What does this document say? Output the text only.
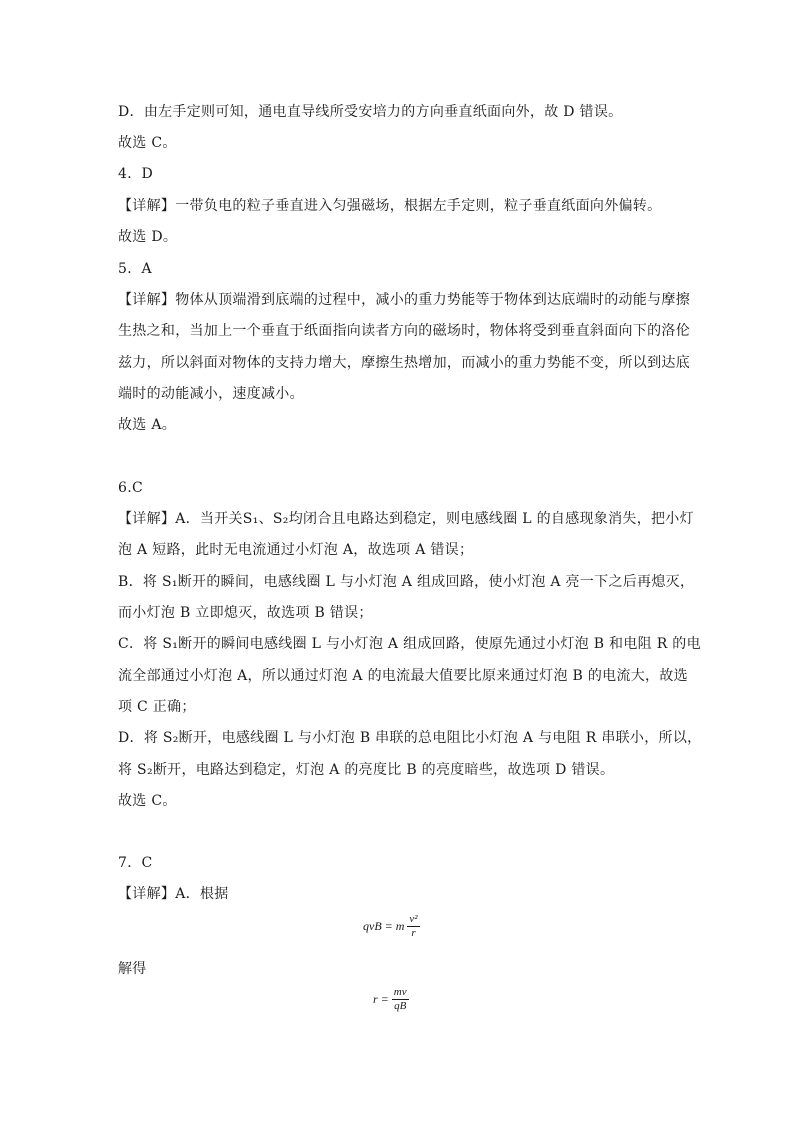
D．由左手定则可知，通电直导线所受安培力的方向垂直纸面向外，故 D 错误。
故选 C。
4．D
【详解】一带负电的粒子垂直进入匀强磁场，根据左手定则，粒子垂直纸面向外偏转。
故选 D。
5．A
【详解】物体从顶端滑到底端的过程中，减小的重力势能等于物体到达底端时的动能与摩擦
生热之和，当加上一个垂直于纸面指向读者方向的磁场时，物体将受到垂直斜面向下的洛伦
兹力，所以斜面对物体的支持力增大，摩擦生热增加，而减小的重力势能不变，所以到达底
端时的动能减小，速度减小。
故选 A。
6.C
【详解】A．当开关S₁、S₂均闭合且电路达到稳定，则电感线圈 L 的自感现象消失，把小灯
泡 A 短路，此时无电流通过小灯泡 A，故选项 A 错误；
B．将 S₁断开的瞬间，电感线圈 L 与小灯泡 A 组成回路，使小灯泡 A 亮一下之后再熄灭，
而小灯泡 B 立即熄灭，故选项 B 错误；
C．将 S₁断开的瞬间电感线圈 L 与小灯泡 A 组成回路，使原先通过小灯泡 B 和电阻 R 的电
流全部通过小灯泡 A，所以通过灯泡 A 的电流最大值要比原来通过灯泡 B 的电流大，故选
项 C 正确；
D．将 S₂断开，电感线圈 L 与小灯泡 B 串联的总电阻比小灯泡 A 与电阻 R 串联小，所以，
将 S₂断开，电路达到稳定，灯泡 A 的亮度比 B 的亮度暗些，故选项 D 错误。
故选 C。
7．C
【详解】A．根据
qvB = m $\frac{\text{v²}}{r}$
解得
$r = \frac{mv}{qB}$
